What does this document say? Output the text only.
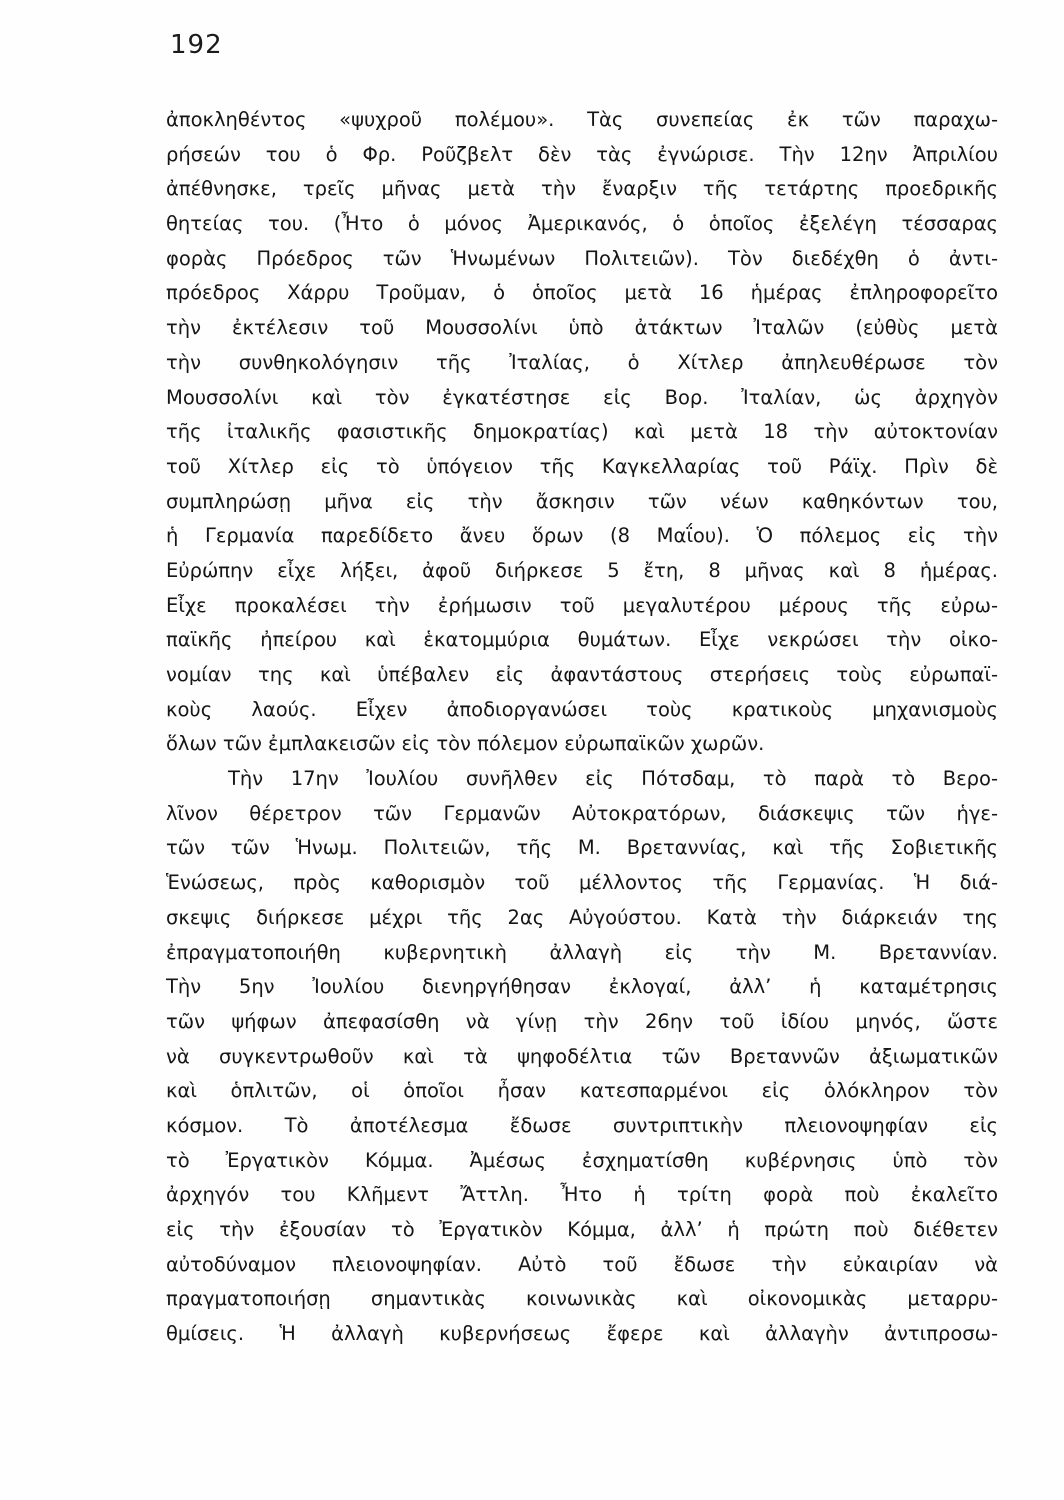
192
ἀποκληθέντος «ψυχροῦ πολέμου». Τὰς συνεπείας ἐκ τῶν παραχω-
ρήσεών του ὁ Φρ. Ροῦζβελτ δὲν τὰς ἐγνώρισε. Τὴν 12ην Ἀπριλίου
ἀπέθνησκε, τρεῖς μῆνας μετὰ τὴν ἔναρξιν τῆς τετάρτης προεδρικῆς
θητείας του. (Ἦτο ὁ μόνος Ἀμερικανός, ὁ ὁποῖος ἐξελέγη τέσσαρας
φορὰς Πρόεδρος τῶν Ἡνωμένων Πολιτειῶν). Τὸν διεδέχθη ὁ ἀντι-
πρόεδρος Χάρρυ Τροῦμαν, ὁ ὁποῖος μετὰ 16 ἡμέρας ἐπληροφορεῖτο
τὴν ἐκτέλεσιν τοῦ Μουσσολίνι ὑπὸ ἀτάκτων Ἰταλῶν (εὐθὺς μετὰ
τὴν συνθηκολόγησιν τῆς Ἰταλίας, ὁ Χίτλερ ἀπηλευθέρωσε τὸν
Μουσσολίνι καὶ τὸν ἐγκατέστησε εἰς Βορ. Ἰταλίαν, ὡς ἀρχηγὸν
τῆς ἰταλικῆς φασιστικῆς δημοκρατίας) καὶ μετὰ 18 τὴν αὐτοκτονίαν
τοῦ Χίτλερ εἰς τὸ ὑπόγειον τῆς Καγκελλαρίας τοῦ Ράϊχ. Πρὶν δὲ
συμπληρώσῃ μῆνα εἰς τὴν ἄσκησιν τῶν νέων καθηκόντων του,
ἡ Γερμανία παρεδίδετο ἄνευ ὅρων (8 Μαΐου). Ὁ πόλεμος εἰς τὴν
Εὐρώπην εἶχε λήξει, ἀφοῦ διήρκεσε 5 ἔτη, 8 μῆνας καὶ 8 ἡμέρας.
Εἶχε προκαλέσει τὴν ἐρήμωσιν τοῦ μεγαλυτέρου μέρους τῆς εὐρω-
παϊκῆς ἠπείρου καὶ ἑκατομμύρια θυμάτων. Εἶχε νεκρώσει τὴν οἰκο-
νομίαν της καὶ ὑπέβαλεν εἰς ἀφαντάστους στερήσεις τοὺς εὐρωπαϊ-
κοὺς λαούς. Εἶχεν ἀποδιοργανώσει τοὺς κρατικοὺς μηχανισμοὺς
ὅλων τῶν ἐμπλακεισῶν εἰς τὸν πόλεμον εὐρωπαϊκῶν χωρῶν.
Τὴν 17ην Ἰουλίου συνῆλθεν εἰς Πότσδαμ, τὸ παρὰ τὸ Βερο-
λῖνον θέρετρον τῶν Γερμανῶν Αὐτοκρατόρων, διάσκεψις τῶν ἡγε-
τῶν τῶν Ἡνωμ. Πολιτειῶν, τῆς Μ. Βρεταννίας, καὶ τῆς Σοβιετικῆς
Ἑνώσεως, πρὸς καθορισμὸν τοῦ μέλλοντος τῆς Γερμανίας. Ἡ διά-
σκεψις διήρκεσε μέχρι τῆς 2ας Αὐγούστου. Κατὰ τὴν διάρκειάν της
ἐπραγματοποιήθη κυβερνητικὴ ἀλλαγὴ εἰς τὴν Μ. Βρεταννίαν.
Τὴν 5ην Ἰουλίου διενηργήθησαν ἐκλογαί, ἀλλ’ ἡ καταμέτρησις
τῶν ψήφων ἀπεφασίσθη νὰ γίνῃ τὴν 26ην τοῦ ἰδίου μηνός, ὥστε
νὰ συγκεντρωθοῦν καὶ τὰ ψηφοδέλτια τῶν Βρεταννῶν ἀξιωματικῶν
καὶ ὁπλιτῶν, οἱ ὁποῖοι ἦσαν κατεσπαρμένοι εἰς ὁλόκληρον τὸν
κόσμον. Τὸ ἀποτέλεσμα ἔδωσε συντριπτικὴν πλειονοψηφίαν εἰς
τὸ Ἐργατικὸν Κόμμα. Ἀμέσως ἐσχηματίσθη κυβέρνησις ὑπὸ τὸν
ἀρχηγόν του Κλῆμεντ Ἄττλη. Ἦτο ἡ τρίτη φορὰ ποὺ ἐκαλεῖτο
εἰς τὴν ἐξουσίαν τὸ Ἐργατικὸν Κόμμα, ἀλλ’ ἡ πρώτη ποὺ διέθετεν
αὐτοδύναμον πλειονοψηφίαν. Αὐτὸ τοῦ ἔδωσε τὴν εὐκαιρίαν νὰ
πραγματοποιήσῃ σημαντικὰς κοινωνικὰς καὶ οἰκονομικὰς μεταρρυ-
θμίσεις. Ἡ ἀλλαγὴ κυβερνήσεως ἔφερε καὶ ἀλλαγὴν ἀντιπροσω-
